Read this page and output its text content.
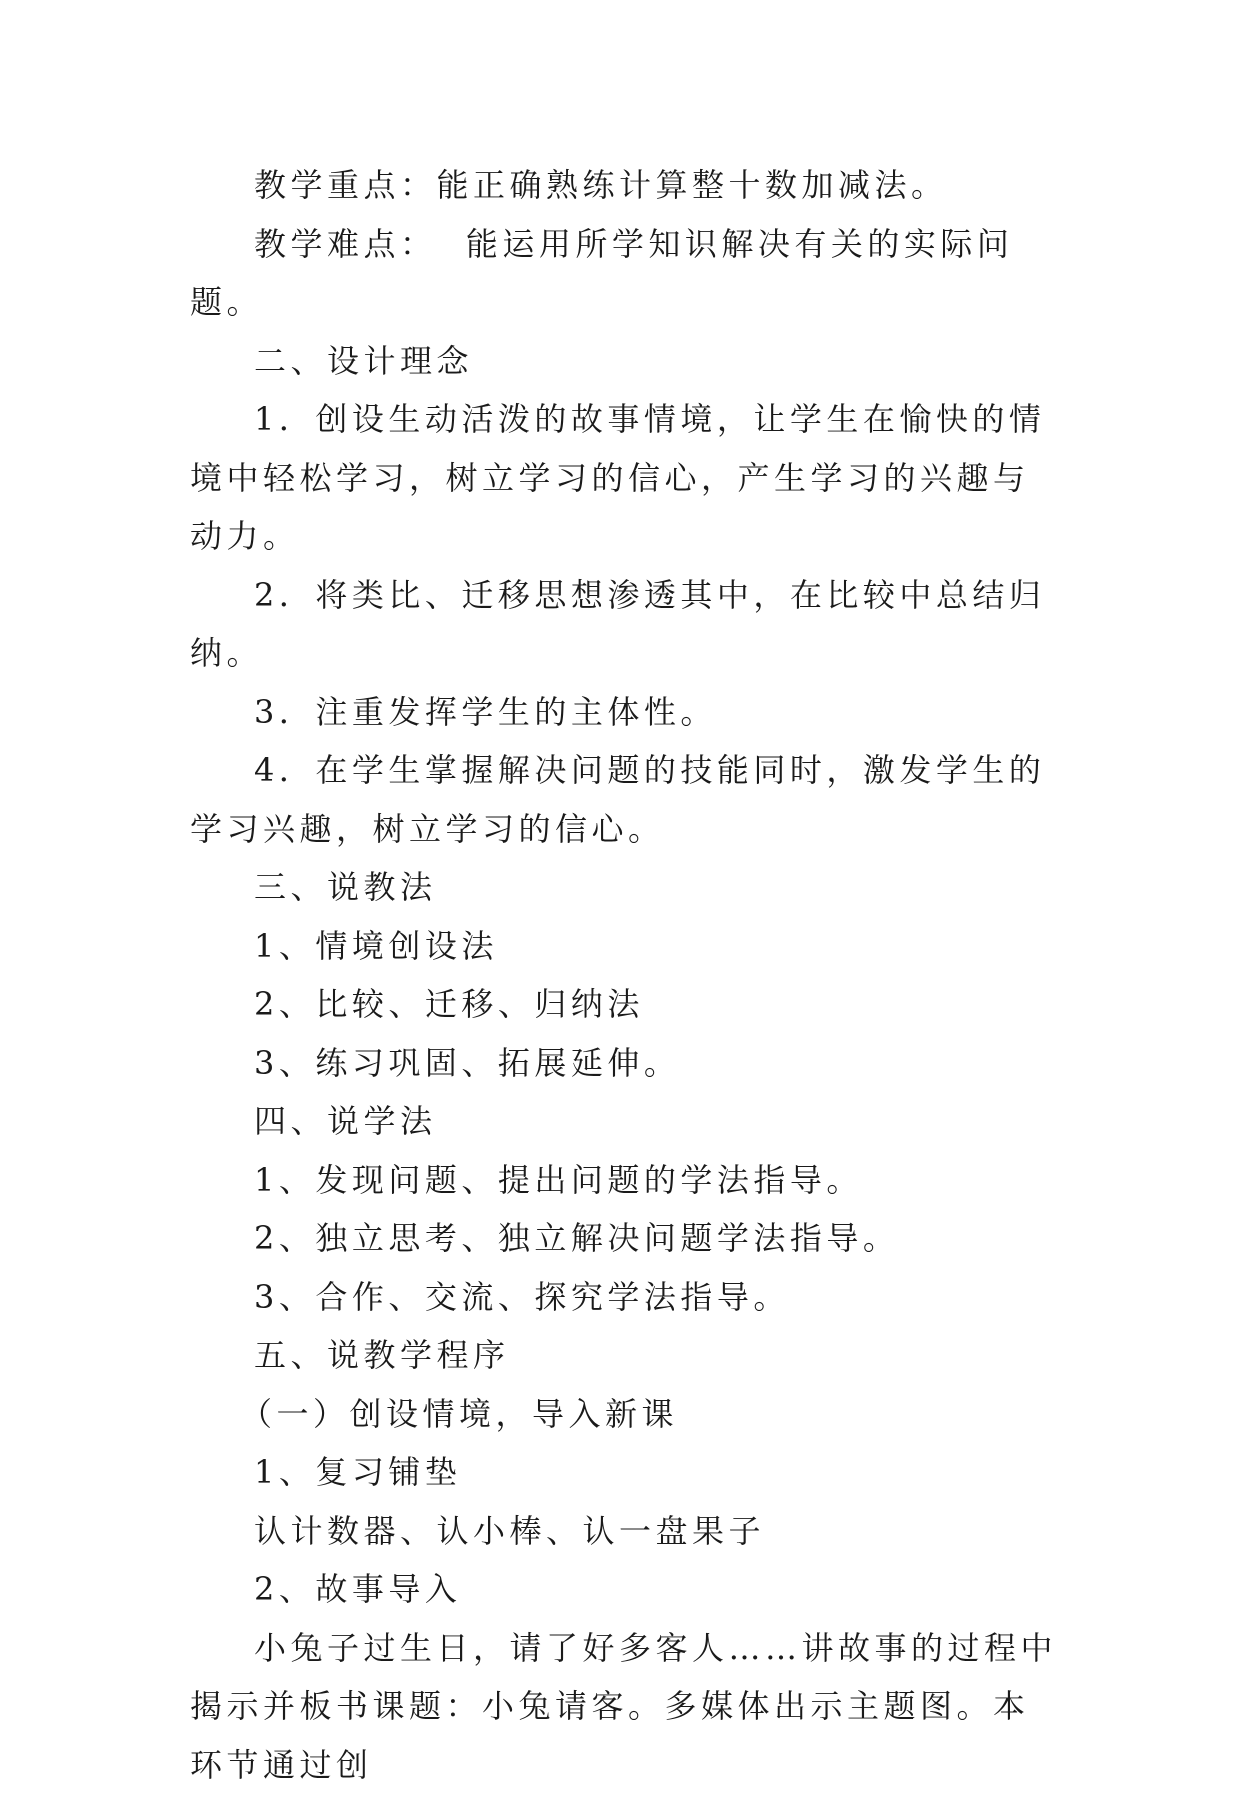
教学重点：能正确熟练计算整十数加减法。

教学难点：  能运用所学知识解决有关的实际问题。

二、设计理念

1．创设生动活泼的故事情境，让学生在愉快的情境中轻松学习，树立学习的信心，产生学习的兴趣与动力。

2．将类比、迁移思想渗透其中，在比较中总结归纳。

3．注重发挥学生的主体性。

4．在学生掌握解决问题的技能同时，激发学生的学习兴趣，树立学习的信心。

三、说教法

1、情境创设法

2、比较、迁移、归纳法

3、练习巩固、拓展延伸。

四、说学法

1、发现问题、提出问题的学法指导。

2、独立思考、独立解决问题学法指导。

3、合作、交流、探究学法指导。

五、说教学程序

（一）创设情境，导入新课

1、复习铺垫

认计数器、认小棒、认一盘果子

2、故事导入

小兔子过生日，请了好多客人……讲故事的过程中揭示并板书课题：小兔请客。多媒体出示主题图。本环节通过创
